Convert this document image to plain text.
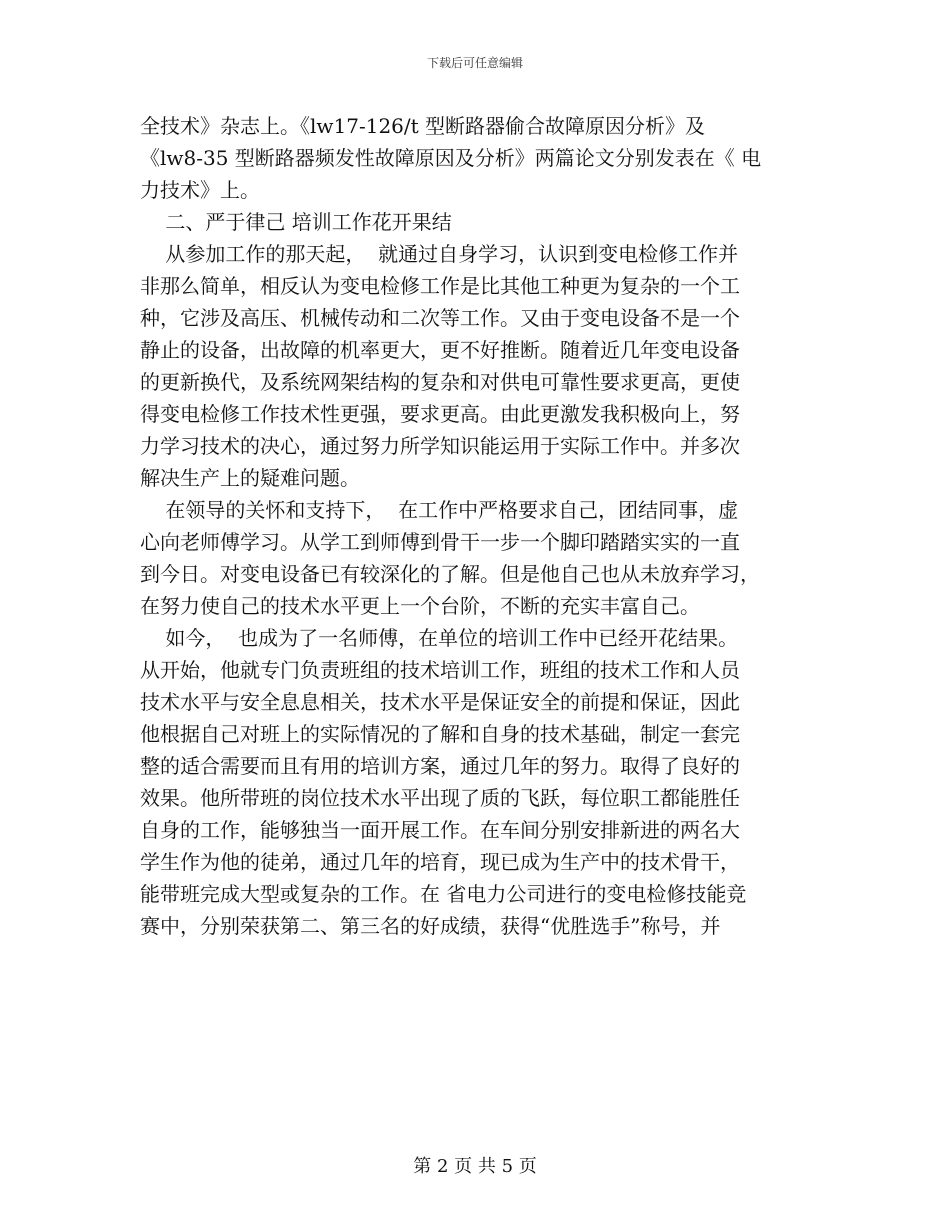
下载后可任意编辑
全技术》杂志上。《lw17-126/t 型断路器偷合故障原因分析》及
《lw8-35 型断路器频发性故障原因及分析》两篇论文分别发表在《 电
力技术》上。
二、严于律己 培训工作花开果结
从参加工作的那天起，  就通过自身学习，认识到变电检修工作并
非那么简单，相反认为变电检修工作是比其他工种更为复杂的一个工
种，它涉及高压、机械传动和二次等工作。又由于变电设备不是一个
静止的设备，出故障的机率更大，更不好推断。随着近几年变电设备
的更新换代，及系统网架结构的复杂和对供电可靠性要求更高，更使
得变电检修工作技术性更强，要求更高。由此更激发我积极向上，努
力学习技术的决心，通过努力所学知识能运用于实际工作中。并多次
解决生产上的疑难问题。
在领导的关怀和支持下，  在工作中严格要求自己，团结同事，虚
心向老师傅学习。从学工到师傅到骨干一步一个脚印踏踏实实的一直
到今日。对变电设备已有较深化的了解。但是他自己也从未放弃学习，
在努力使自己的技术水平更上一个台阶，不断的充实丰富自己。
如今，  也成为了一名师傅，在单位的培训工作中已经开花结果。
从开始，他就专门负责班组的技术培训工作，班组的技术工作和人员
技术水平与安全息息相关，技术水平是保证安全的前提和保证，因此
他根据自己对班上的实际情况的了解和自身的技术基础，制定一套完
整的适合需要而且有用的培训方案，通过几年的努力。取得了良好的
效果。他所带班的岗位技术水平出现了质的飞跃，每位职工都能胜任
自身的工作，能够独当一面开展工作。在车间分别安排新进的两名大
学生作为他的徒弟，通过几年的培育，现已成为生产中的技术骨干，
能带班完成大型或复杂的工作。在 省电力公司进行的变电检修技能竞
赛中，分别荣获第二、第三名的好成绩，获得“优胜选手”称号，并
第 2 页 共 5 页
